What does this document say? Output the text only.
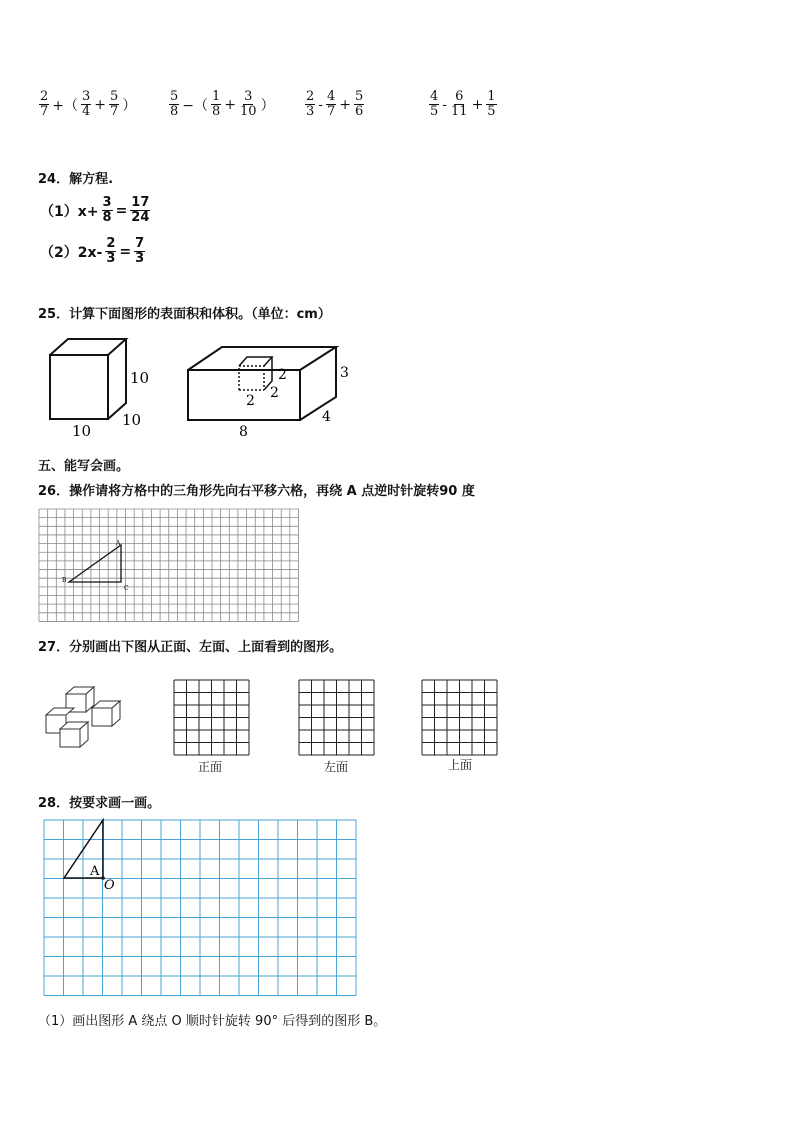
$\frac{2}{7}$ +（ $\frac{3}{4} + \frac{5}{7}$ ）	$\frac{5}{8}$ −（ $\frac{1}{8} + \frac{3}{10}$ ） $\frac{2}{3} - \frac{4}{7} + \frac{5}{6}$	$\frac{4}{5} - \frac{6}{11} + \frac{1}{5}$
24．解方程.
$(1)x+ \frac{3}{8} = \frac{17}{24}$
$(2)2x- \frac{2}{3} = \frac{7}{3}$
25．计算下面图形的表面积和体积。（单位：cm）
10
10
10
2
2
2
3
4
8
五、能写会画。
26．操作请将方格中的三角形先向右平移六格，再绕 A 点逆时针旋转90 度
A
B
C
27．分别画出下图从正面、左面、上面看到的图形。
正面	左面	上面
28．按要求画一画。
A
O
（1）画出图形 A 绕点 O 顺时针旋转 90° 后得到的图形 B。
